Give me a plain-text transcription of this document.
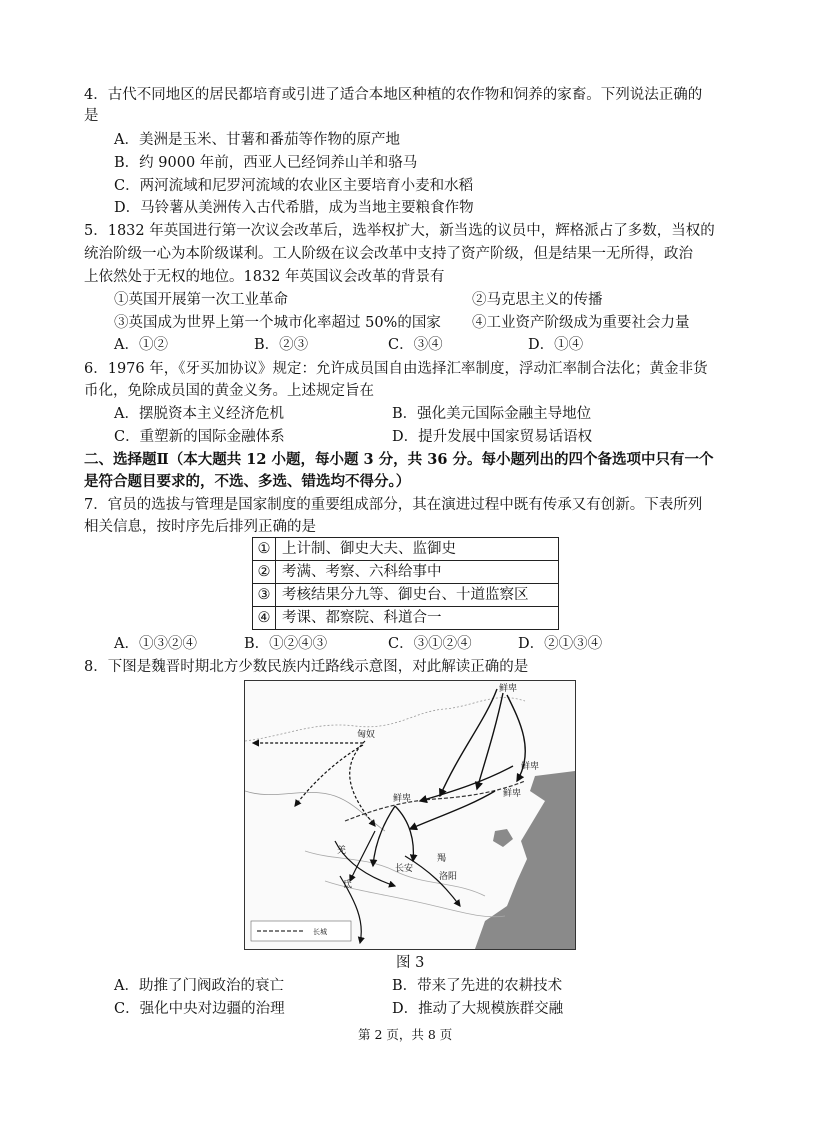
4．古代不同地区的居民都培育或引进了适合本地区种植的农作物和饲养的家畜。下列说法正确的
是
A．美洲是玉米、甘薯和番茄等作物的原产地
B．约 9000 年前，西亚人已经饲养山羊和骆马
C．两河流域和尼罗河流域的农业区主要培育小麦和水稻
D．马铃薯从美洲传入古代希腊，成为当地主要粮食作物
5．1832 年英国进行第一次议会改革后，选举权扩大，新当选的议员中，辉格派占了多数，当权的
统治阶级一心为本阶级谋利。工人阶级在议会改革中支持了资产阶级，但是结果一无所得，政治
上依然处于无权的地位。1832 年英国议会改革的背景有
①英国开展第一次工业革命	②马克思主义的传播
③英国成为世界上第一个城市化率超过 50%的国家 ④工业资产阶级成为重要社会力量
A．①②	B．②③	C．③④	D．①④
6．1976 年，《牙买加协议》规定：允许成员国自由选择汇率制度，浮动汇率制合法化；黄金非货
币化，免除成员国的黄金义务。上述规定旨在
A．摆脱资本主义经济危机	B．强化美元国际金融主导地位
C．重塑新的国际金融体系	D．提升发展中国家贸易话语权
二、选择题Ⅱ（本大题共 12 小题，每小题 3 分，共 36 分。每小题列出的四个备选项中只有一个
是符合题目要求的，不选、多选、错选均不得分。）
7．官员的选拔与管理是国家制度的重要组成部分，其在演进过程中既有传承又有创新。下表所列
相关信息，按时序先后排列正确的是
①	上计制、御史大夫、监御史
②	考满、考察、六科给事中
③	考核结果分九等、御史台、十道监察区
④	考课、都察院、科道合一
A．①③②④	B．①②④③	C．③①②④	D．②①③④
8．下图是魏晋时期北方少数民族内迁路线示意图，对此解读正确的是
鲜卑
鲜卑
鲜卑
鲜卑
匈奴
羯
羌
氐
长安
洛阳
长城
图 3
A．助推了门阀政治的衰亡	B．带来了先进的农耕技术
C．强化中央对边疆的治理	D．推动了大规模族群交融
第 2 页，共 8 页
